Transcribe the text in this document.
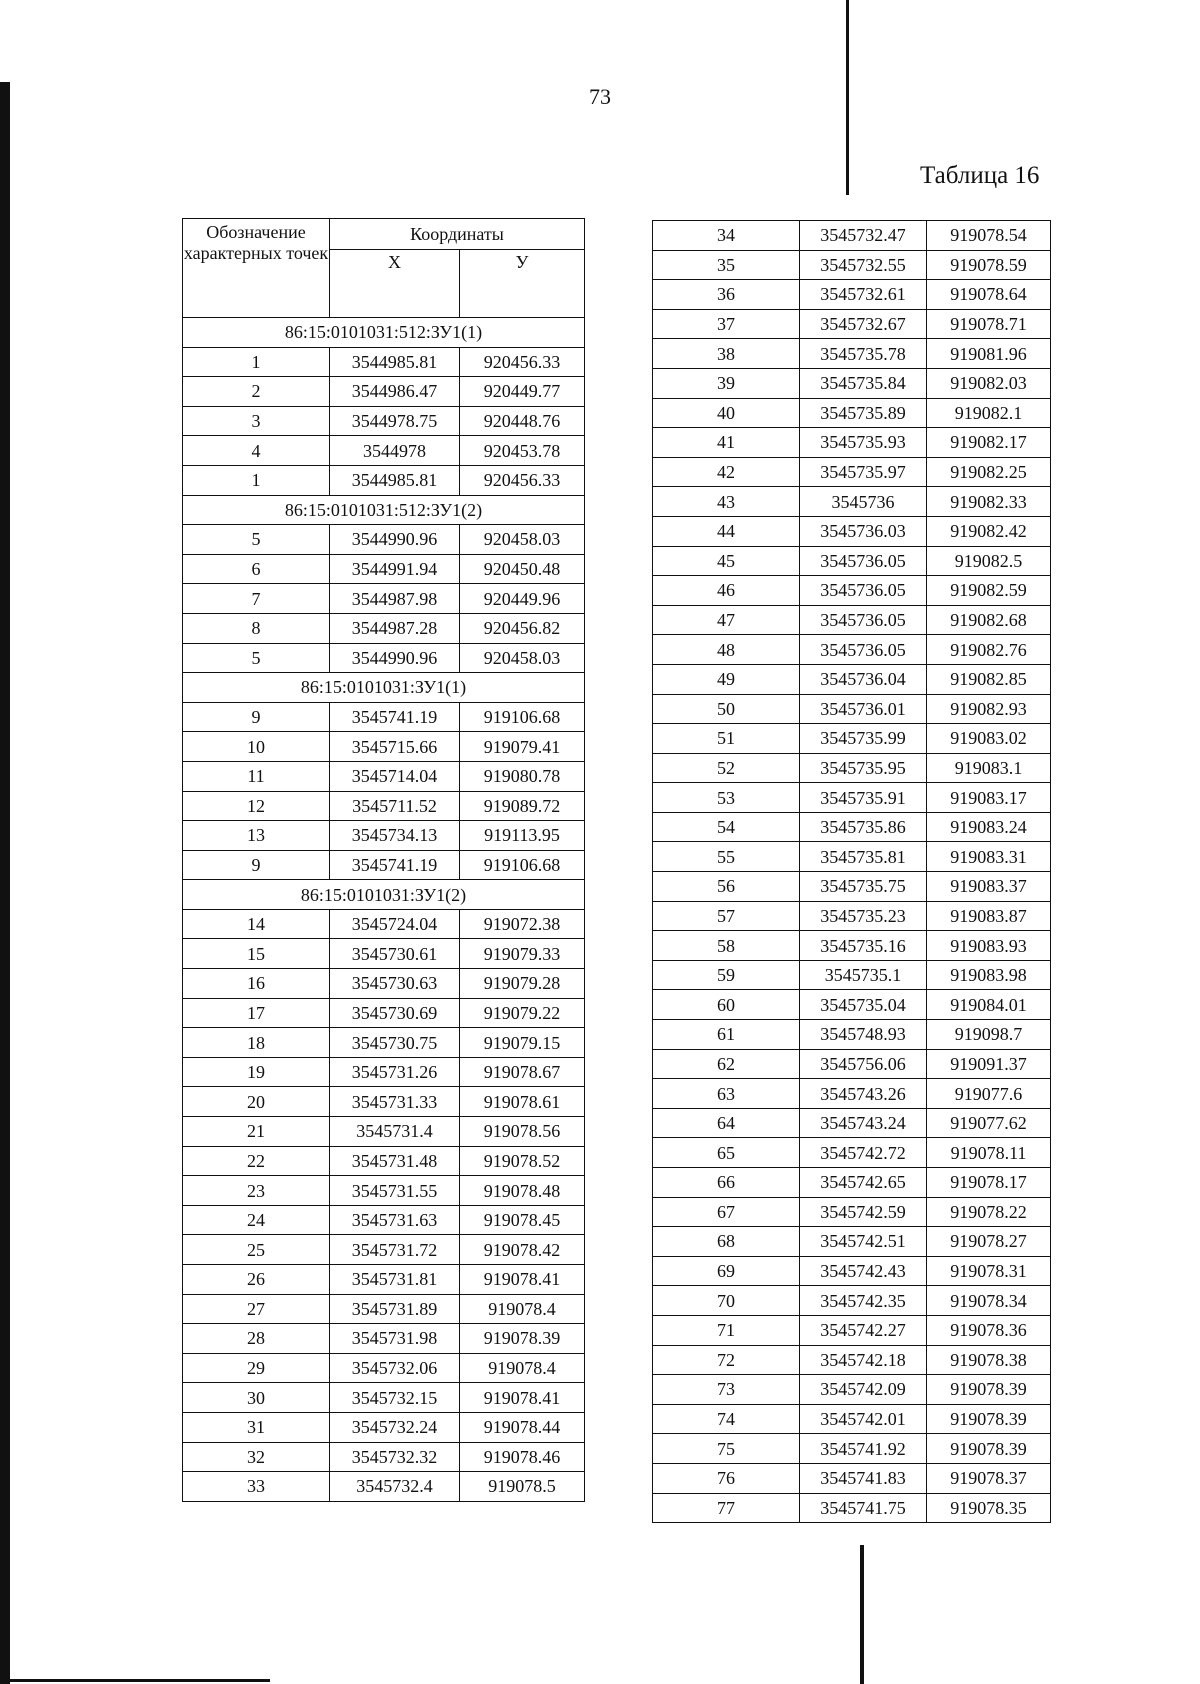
73
Таблица 16
Обозначение характерных точек	Координаты	
	X	У
86:15:0101031:512:ЗУ1(1)		
1	3544985.81	920456.33
2	3544986.47	920449.77
3	3544978.75	920448.76
4	3544978	920453.78
1	3544985.81	920456.33
86:15:0101031:512:ЗУ1(2)		
5	3544990.96	920458.03
6	3544991.94	920450.48
7	3544987.98	920449.96
8	3544987.28	920456.82
5	3544990.96	920458.03
86:15:0101031:ЗУ1(1)		
9	3545741.19	919106.68
10	3545715.66	919079.41
11	3545714.04	919080.78
12	3545711.52	919089.72
13	3545734.13	919113.95
9	3545741.19	919106.68
86:15:0101031:ЗУ1(2)		
14	3545724.04	919072.38
15	3545730.61	919079.33
16	3545730.63	919079.28
17	3545730.69	919079.22
18	3545730.75	919079.15
19	3545731.26	919078.67
20	3545731.33	919078.61
21	3545731.4	919078.56
22	3545731.48	919078.52
23	3545731.55	919078.48
24	3545731.63	919078.45
25	3545731.72	919078.42
26	3545731.81	919078.41
27	3545731.89	919078.4
28	3545731.98	919078.39
29	3545732.06	919078.4
30	3545732.15	919078.41
31	3545732.24	919078.44
32	3545732.32	919078.46
33	3545732.4	919078.5
34	3545732.47	919078.54
35	3545732.55	919078.59
36	3545732.61	919078.64
37	3545732.67	919078.71
38	3545735.78	919081.96
39	3545735.84	919082.03
40	3545735.89	919082.1
41	3545735.93	919082.17
42	3545735.97	919082.25
43	3545736	919082.33
44	3545736.03	919082.42
45	3545736.05	919082.5
46	3545736.05	919082.59
47	3545736.05	919082.68
48	3545736.05	919082.76
49	3545736.04	919082.85
50	3545736.01	919082.93
51	3545735.99	919083.02
52	3545735.95	919083.1
53	3545735.91	919083.17
54	3545735.86	919083.24
55	3545735.81	919083.31
56	3545735.75	919083.37
57	3545735.23	919083.87
58	3545735.16	919083.93
59	3545735.1	919083.98
60	3545735.04	919084.01
61	3545748.93	919098.7
62	3545756.06	919091.37
63	3545743.26	919077.6
64	3545743.24	919077.62
65	3545742.72	919078.11
66	3545742.65	919078.17
67	3545742.59	919078.22
68	3545742.51	919078.27
69	3545742.43	919078.31
70	3545742.35	919078.34
71	3545742.27	919078.36
72	3545742.18	919078.38
73	3545742.09	919078.39
74	3545742.01	919078.39
75	3545741.92	919078.39
76	3545741.83	919078.37
77	3545741.75	919078.35
